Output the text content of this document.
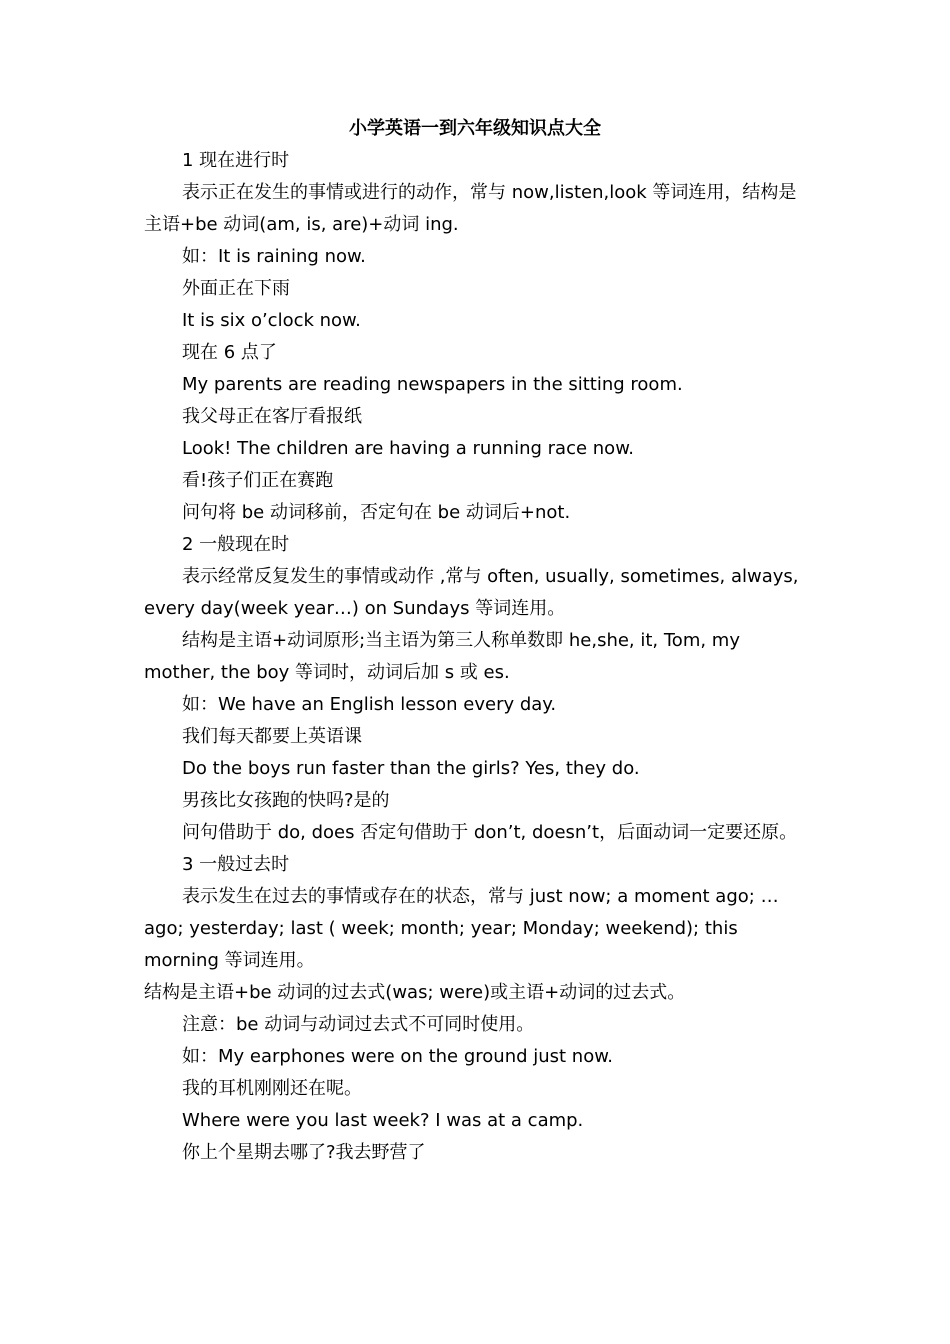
小学英语一到六年级知识点大全

1 现在进行时

表示正在发生的事情或进行的动作，常与 now,listen,look 等词连用，结构是主语+be 动词(am, is, are)+动词 ing.

如：It is raining now.

外面正在下雨

It is six o’clock now.

现在 6 点了

My parents are reading newspapers in the sitting room.

我父母正在客厅看报纸

Look! The children are having a running race now.

看!孩子们正在赛跑

问句将 be 动词移前，否定句在 be 动词后+not.

2 一般现在时

表示经常反复发生的事情或动作 ,常与 often, usually, sometimes, always, every day(week year…) on Sundays 等词连用。

结构是主语+动词原形;当主语为第三人称单数即 he,she, it, Tom, my mother, the boy 等词时，动词后加 s 或 es.

如：We have an English lesson every day.

我们每天都要上英语课

Do the boys run faster than the girls? Yes, they do.

男孩比女孩跑的快吗?是的

问句借助于 do, does 否定句借助于 don’t, doesn’t，后面动词一定要还原。

3 一般过去时

表示发生在过去的事情或存在的状态，常与 just now; a moment ago; …ago; yesterday; last ( week; month; year; Monday; weekend); this morning 等词连用。

结构是主语+be 动词的过去式(was; were)或主语+动词的过去式。

注意：be 动词与动词过去式不可同时使用。

如：My earphones were on the ground just now.

我的耳机刚刚还在呢。

Where were you last week? I was at a camp.

你上个星期去哪了?我去野营了
